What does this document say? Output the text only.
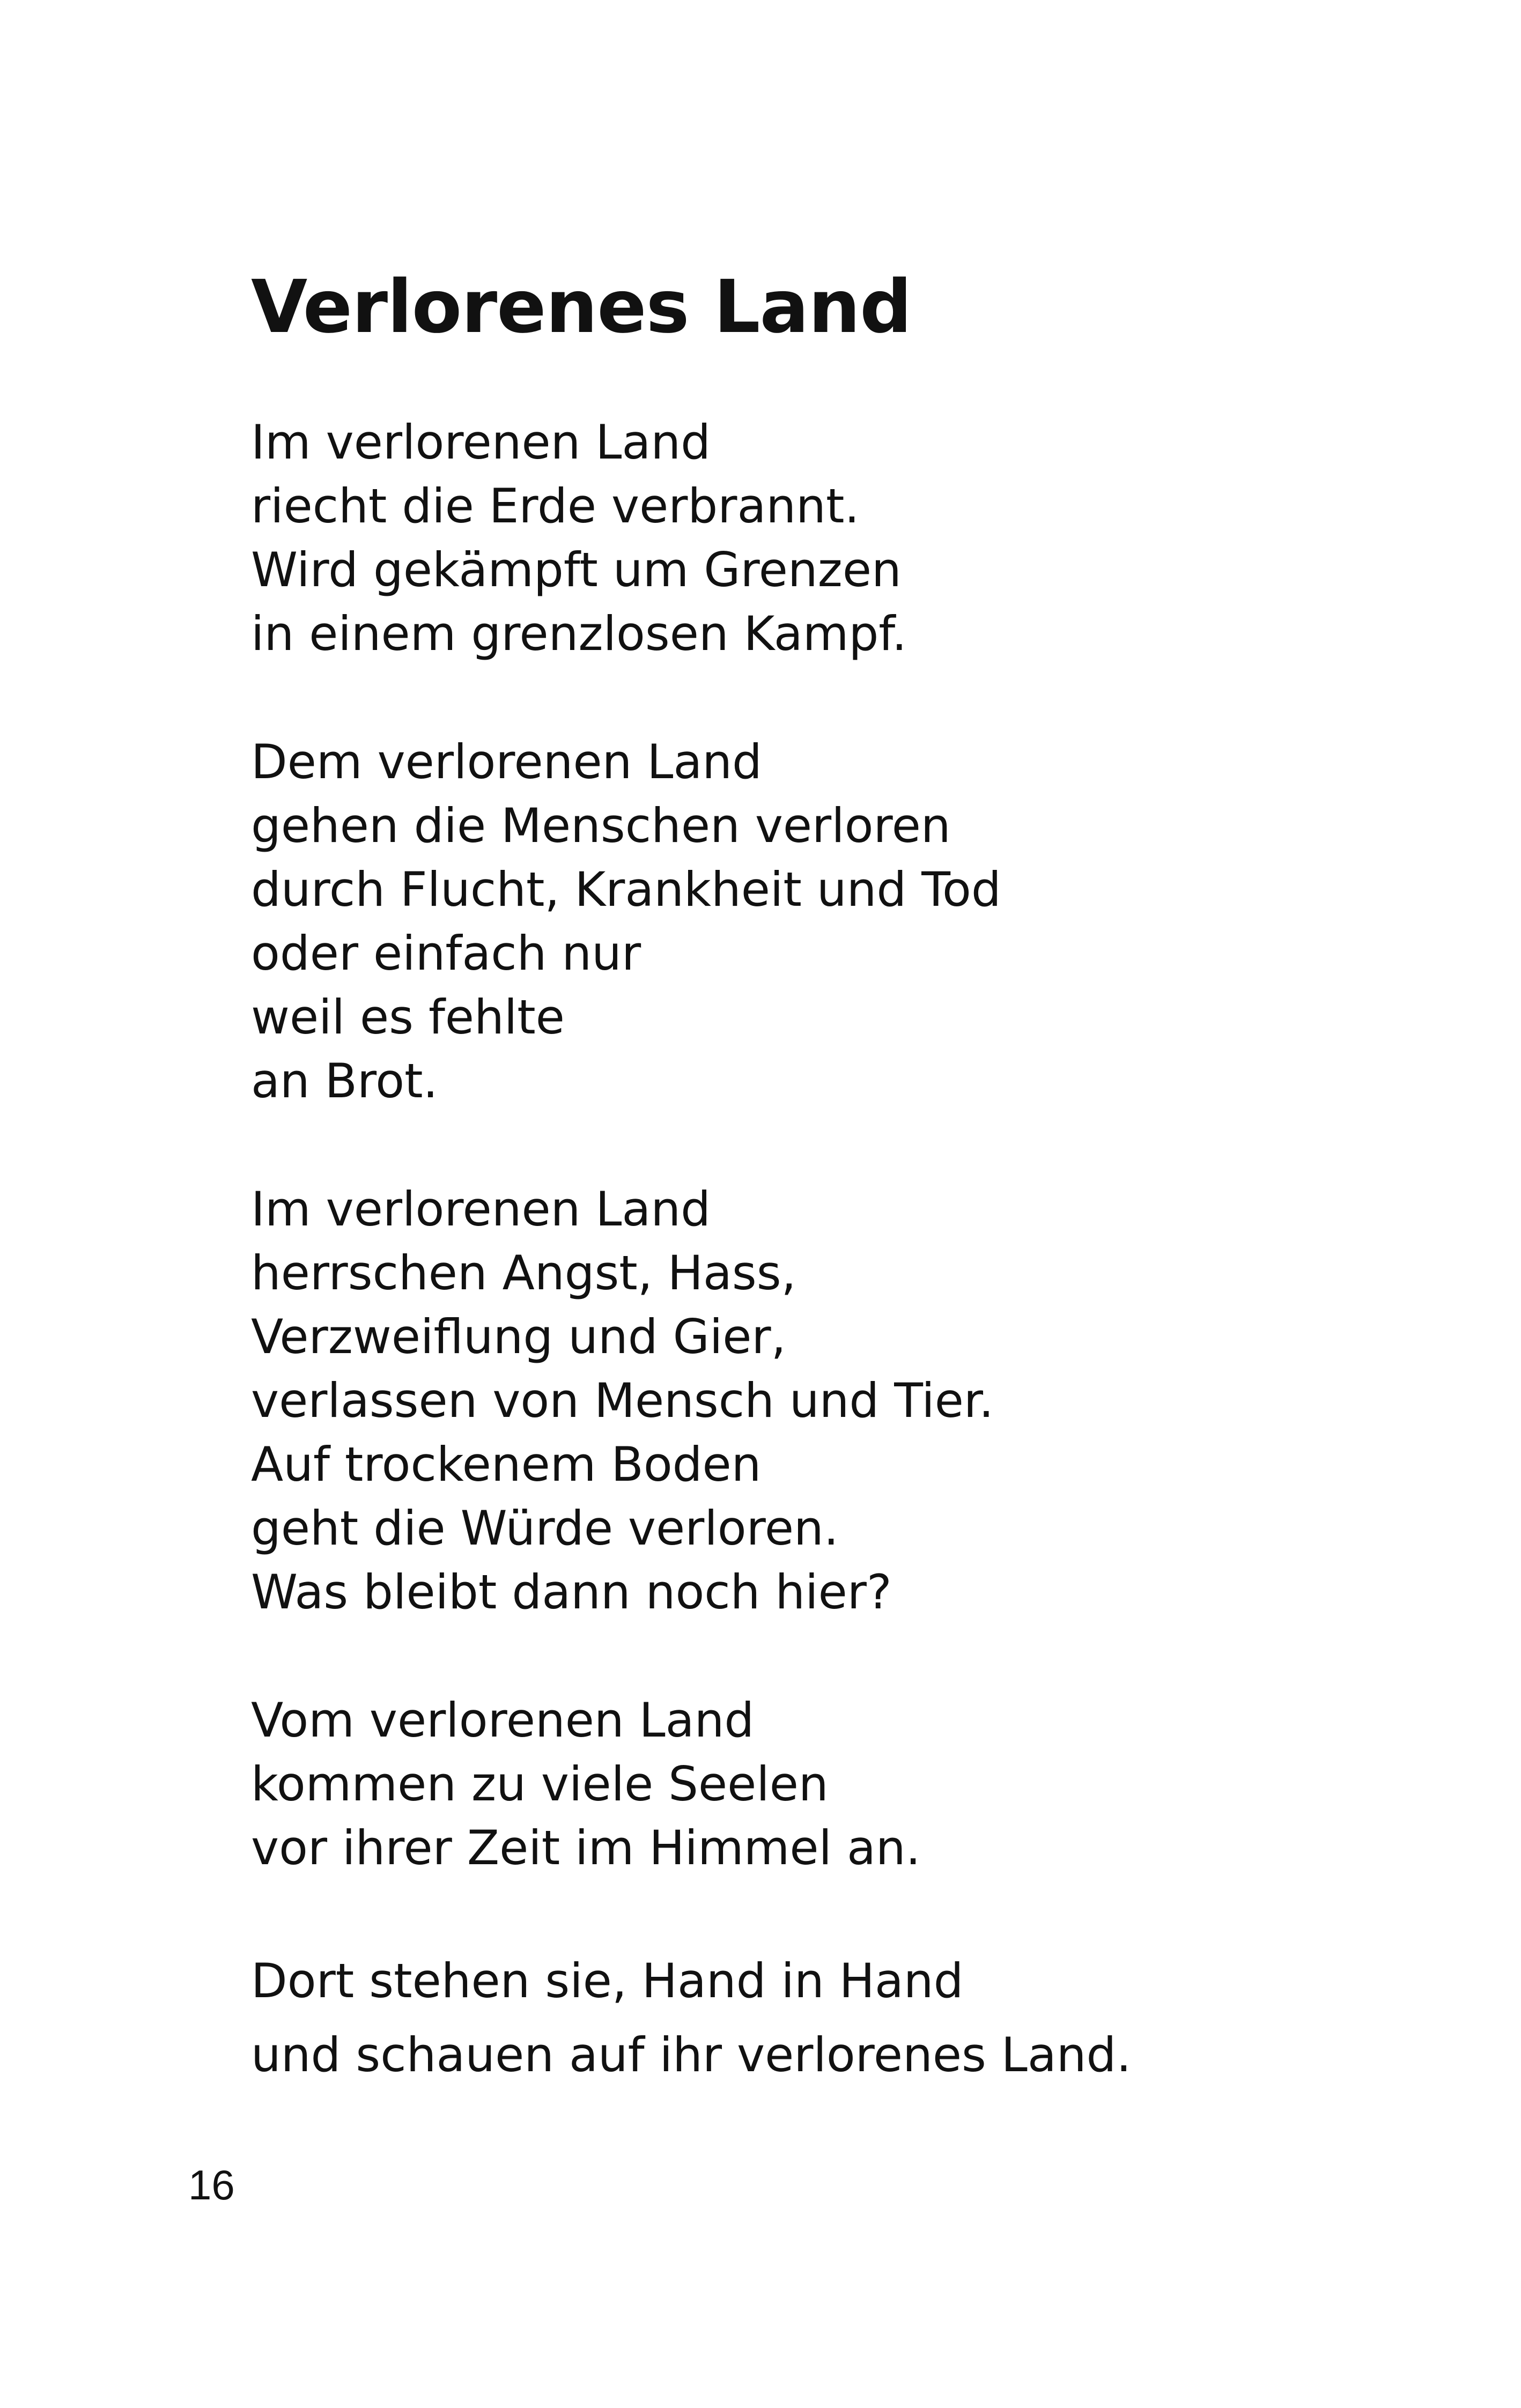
Verlorenes Land
Im verlorenen Land
riecht die Erde verbrannt.
Wird gekämpft um Grenzen
in einem grenzlosen Kampf.
Dem verlorenen Land
gehen die Menschen verloren
durch Flucht, Krankheit und Tod
oder einfach nur
weil es fehlte
an Brot.
Im verlorenen Land
herrschen Angst, Hass,
Verzweiflung und Gier,
verlassen von Mensch und Tier.
Auf trockenem Boden
geht die Würde verloren.
Was bleibt dann noch hier?
Vom verlorenen Land
kommen zu viele Seelen
vor ihrer Zeit im Himmel an.
Dort stehen sie, Hand in Hand
und schauen auf ihr verlorenes Land.
16
